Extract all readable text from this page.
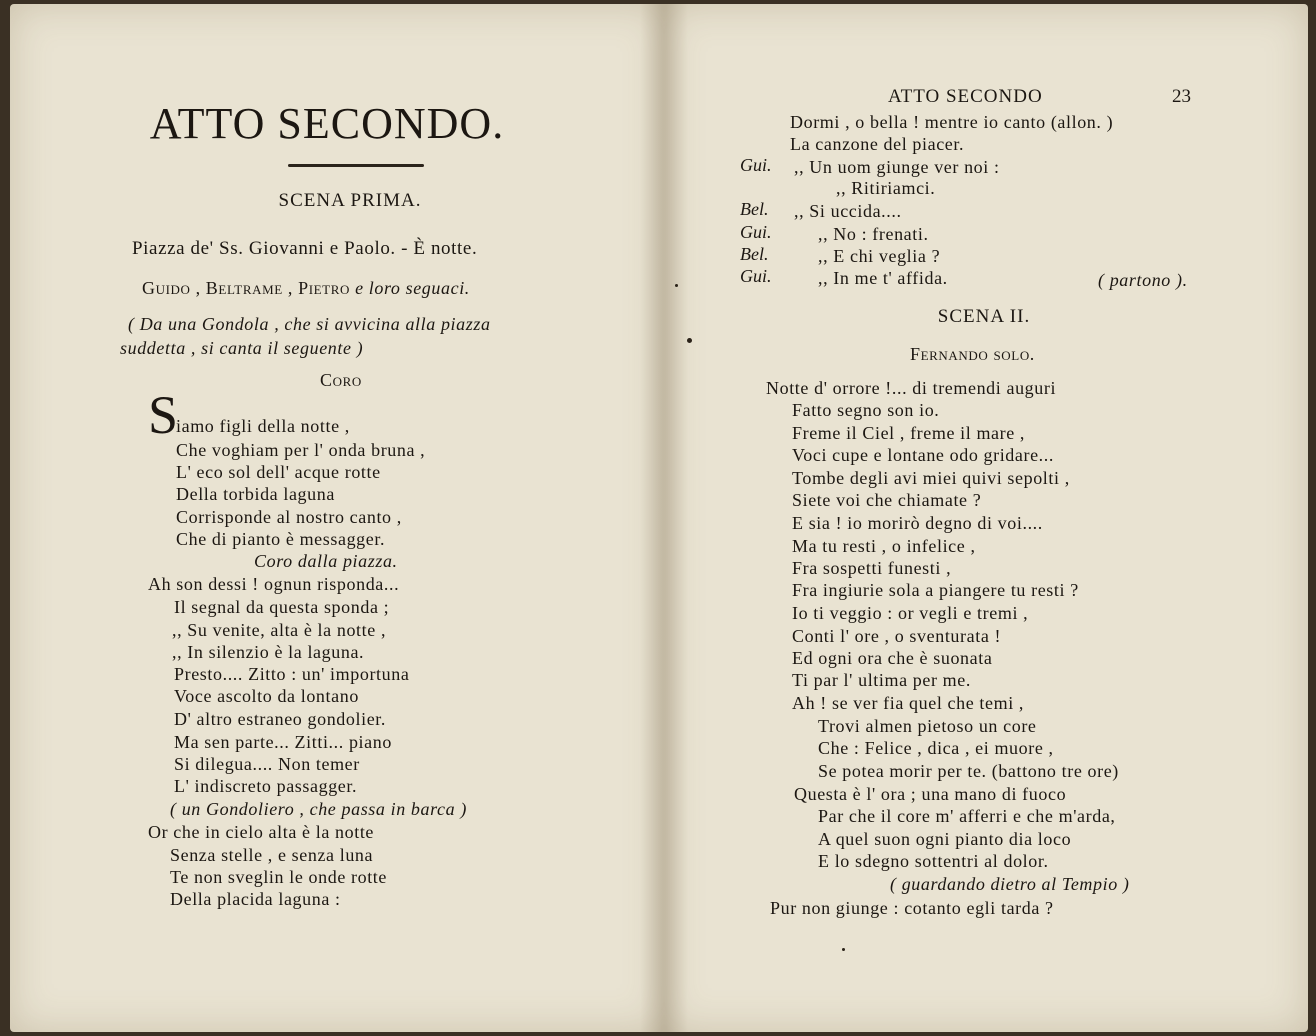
ATTO SECONDO.
SCENA PRIMA.
Piazza de' Ss. Giovanni e Paolo. - È notte.
Guido , Beltrame , Pietro e loro seguaci.
( Da una Gondola , che si avvicina alla piazza
suddetta , si canta il seguente )
Coro
S
iamo figli della notte ,
Che voghiam per l' onda bruna ,
L' eco sol dell' acque rotte
Della torbida laguna
Corrisponde al nostro canto ,
Che di pianto è messagger.
Coro dalla piazza.
Ah son dessi ! ognun risponda...
Il segnal da questa sponda ;
,, Su venite, alta è la notte ,
,, In silenzio è la laguna.
Presto.... Zitto : un' importuna
Voce ascolto da lontano
D' altro estraneo gondolier.
Ma sen parte... Zitti... piano
Si dilegua.... Non temer
L' indiscreto passagger.
( un Gondoliero , che passa in barca )
Or che in cielo alta è la notte
Senza stelle , e senza luna
Te non sveglin le onde rotte
Della placida laguna :
ATTO SECONDO	23
Dormi , o bella ! mentre io canto (allon. )
La canzone del piacer.
Gui. ,, Un uom giunge ver noi :
,, Ritiriamci.
Bel. ,, Si uccida....
Gui.	,, No : frenati.
Bel.	,, E chi veglia ?
Gui.	,, In me t' affida.	( partono ).
SCENA II.
Fernando solo.
Notte d' orrore !... di tremendi auguri
Fatto segno son io.
Freme il Ciel , freme il mare ,
Voci cupe e lontane odo gridare...
Tombe degli avi miei quivi sepolti ,
Siete voi che chiamate ?
E sia ! io morirò degno di voi....
Ma tu resti , o infelice ,
Fra sospetti funesti ,
Fra ingiurie sola a piangere tu resti ?
Io ti veggio : or vegli e tremi ,
Conti l' ore , o sventurata !
Ed ogni ora che è suonata
Ti par l' ultima per me.
Ah ! se ver fia quel che temi ,
Trovi almen pietoso un core
Che : Felice , dica , ei muore ,
Se potea morir per te. (battono tre ore)
Questa è l' ora ; una mano di fuoco
Par che il core m' afferri e che m'arda,
A quel suon ogni pianto dia loco
E lo sdegno sottentri al dolor.
( guardando dietro al Tempio )
Pur non giunge : cotanto egli tarda ?
